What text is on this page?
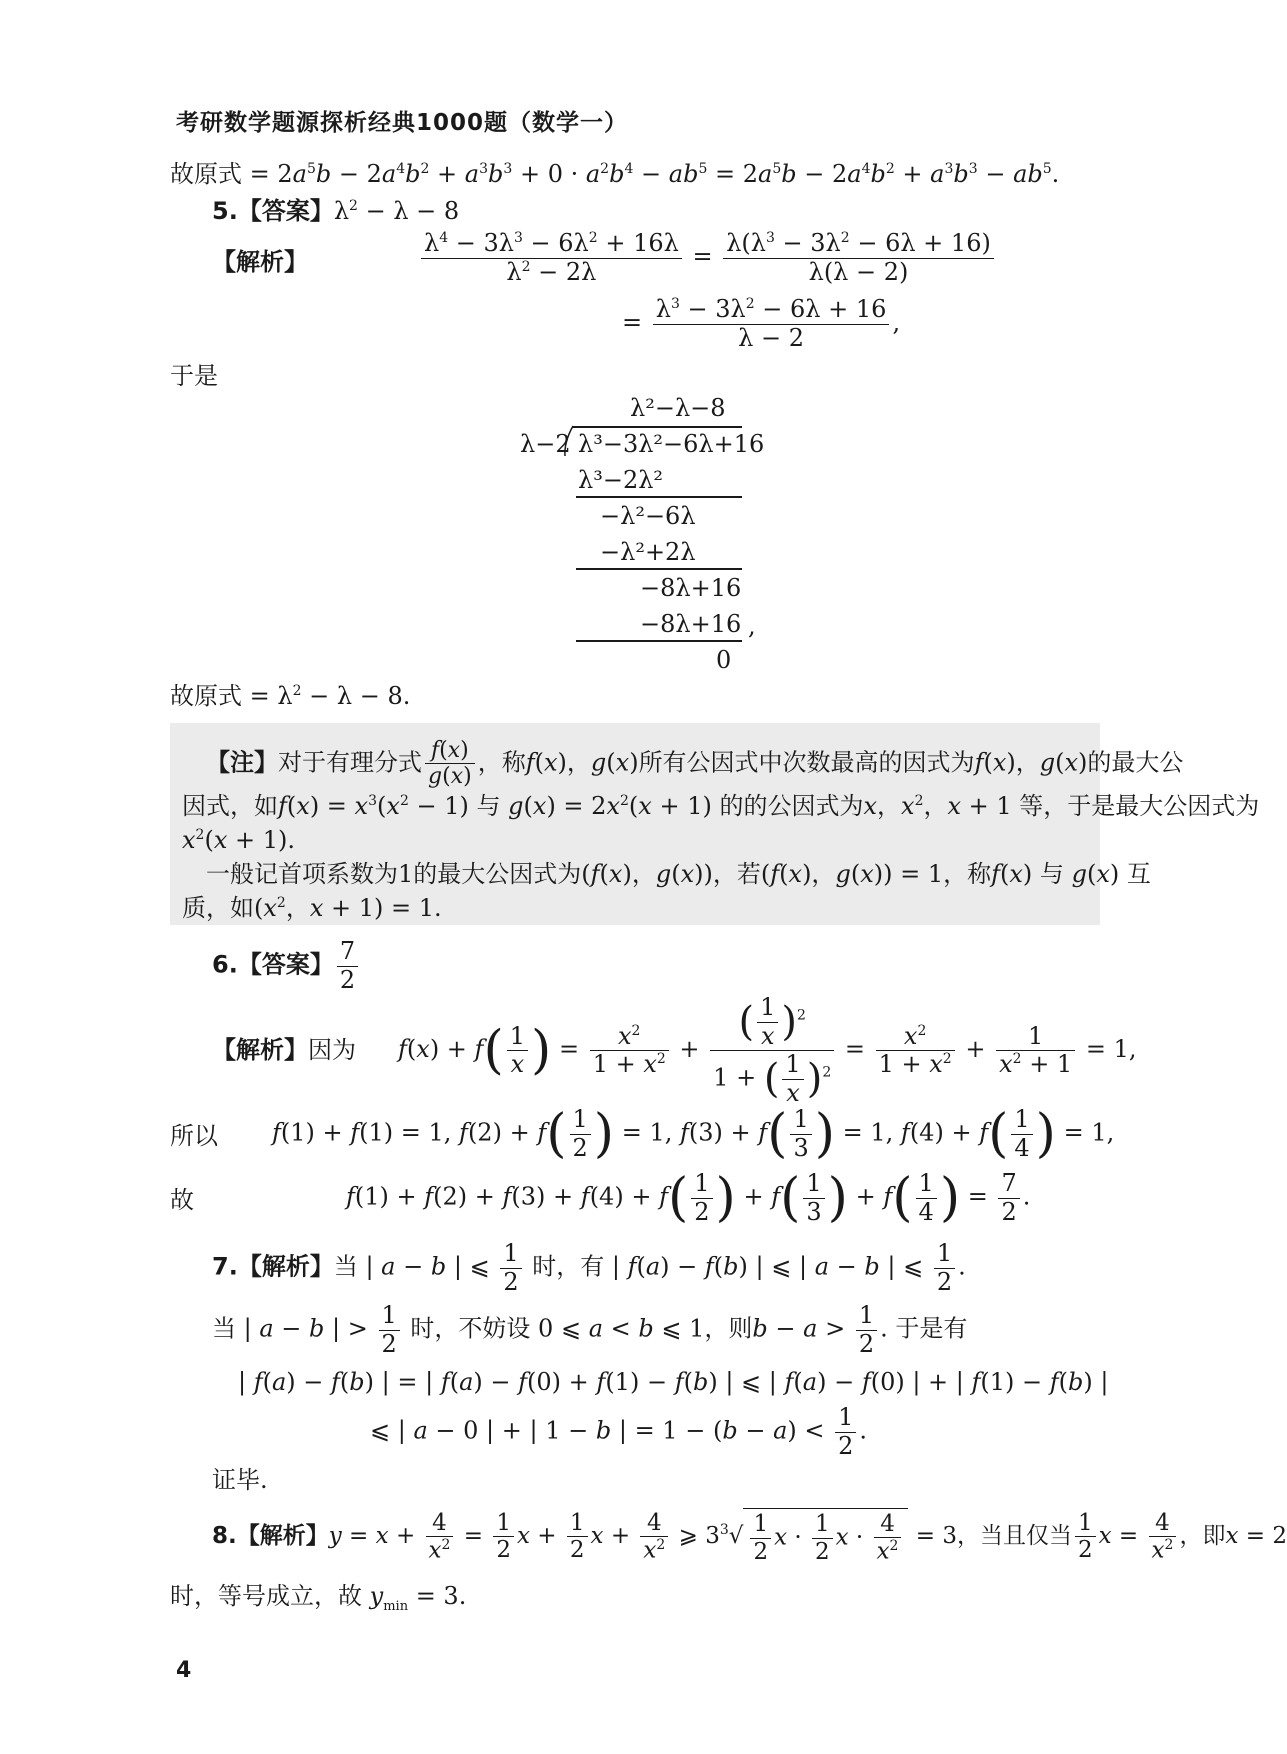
考研数学题源探析经典1000题（数学一）
故原式 = $2a^5b - 2a^4b^2 + a^3b^3 + 0 \cdot a^2b^4 - ab^5 = 2a^5b - 2a^4b^2 + a^3b^3 - ab^5$.
5.【答案】$\lambda^2 - \lambda - 8$
【解析】	$\frac{\lambda^4 - 3\lambda^3 - 6\lambda^2 + 16\lambda}{\lambda^2 - 2\lambda} = \frac{\lambda(\lambda^3 - 3\lambda^2 - 6\lambda + 16)}{\lambda(\lambda - 2)}$
= $\frac{\lambda^3 - 3\lambda^2 - 6\lambda + 16}{\lambda - 2}$ ,
于是
λ²−λ−8
λ−2 λ³−3λ²−6λ+16
λ³−2λ²
−λ²−6λ
−λ²+2λ
−8λ+16
−8λ+16 ,
0
故原式 = $\lambda^2 - \lambda - 8$.
【注】对于有理分式 $\frac{f(x)}{g(x)}$ ，称f(x)，g(x)所有公因式中次数最高的因式为f(x)，g(x)的最大公
因式，如$f(x) = x^3(x^2 - 1)$ 与 $g(x) = 2x^2(x + 1)$ 的的公因式为x，$x^2$，x + 1 等，于是最大公因式为
$x^2(x + 1)$.
一般记首项系数为1的最大公因式为(f(x)，g(x))，若(f(x)，g(x)) = 1，称f(x) 与 g(x) 互
质，如($x^2$，x + 1) = 1.
6.【答案】 $\frac{7}{2}$
【解析】因为 $f(x) + f( \frac{1}{x}$ ) = $\frac{x^2}{1 + x^2} + \frac{( \frac{1}{x} )^2}{1 + ( \frac{1}{x} )^2} = \frac{x^2}{1 + x^2} + \frac{1}{x^2 + 1} = 1$,
所以 f(1) + f(1) = 1, $f(2) + f( \frac{1}{2}$ ) = 1, $f(3) + f( \frac{1}{3}$ ) = 1, $f(4) + f( \frac{1}{4}$ ) = 1,
故	$f(1) + f(2) + f(3) + f(4) + f( \frac{1}{2}$ ) + $f( \frac{1}{3}$ ) + $f( \frac{1}{4}$ ) = $\frac{7}{2}$ .
7.【解析】当 | a − b | ⩽ $\frac{1}{2}$ 时，有 | f(a) − f(b) | ⩽ | a − b | ⩽ $\frac{1}{2}$ .
当 | a − b | > $\frac{1}{2}$ 时，不妨设 0 ⩽ a < b ⩽ 1，则$b - a > \frac{1}{2}$ . 于是有
| f(a) − f(b) | = | f(a) − f(0) + f(1) − f(b) | ⩽ | f(a) − f(0) | + | f(1) − f(b) |
⩽ | a − 0 | + | 1 − b | = $1 - (b - a) < \frac{1}{2}$ .
证毕.
8.【解析】$y = x + \frac{4}{x^2} = \frac{1}{2}$ $x + \frac{1}{2}$ $x + \frac{4}{x^2}$ ⩾ $3^3√ \frac{1}{2}$ $x \cdot \frac{1}{2}$ $x \cdot \frac{4}{x^2} = 3$，当且仅当 $\frac{1}{2}$ $x = \frac{4}{x^2}$ ，即x = 2
时，等号成立，故 $y_{min} = 3$.
4
